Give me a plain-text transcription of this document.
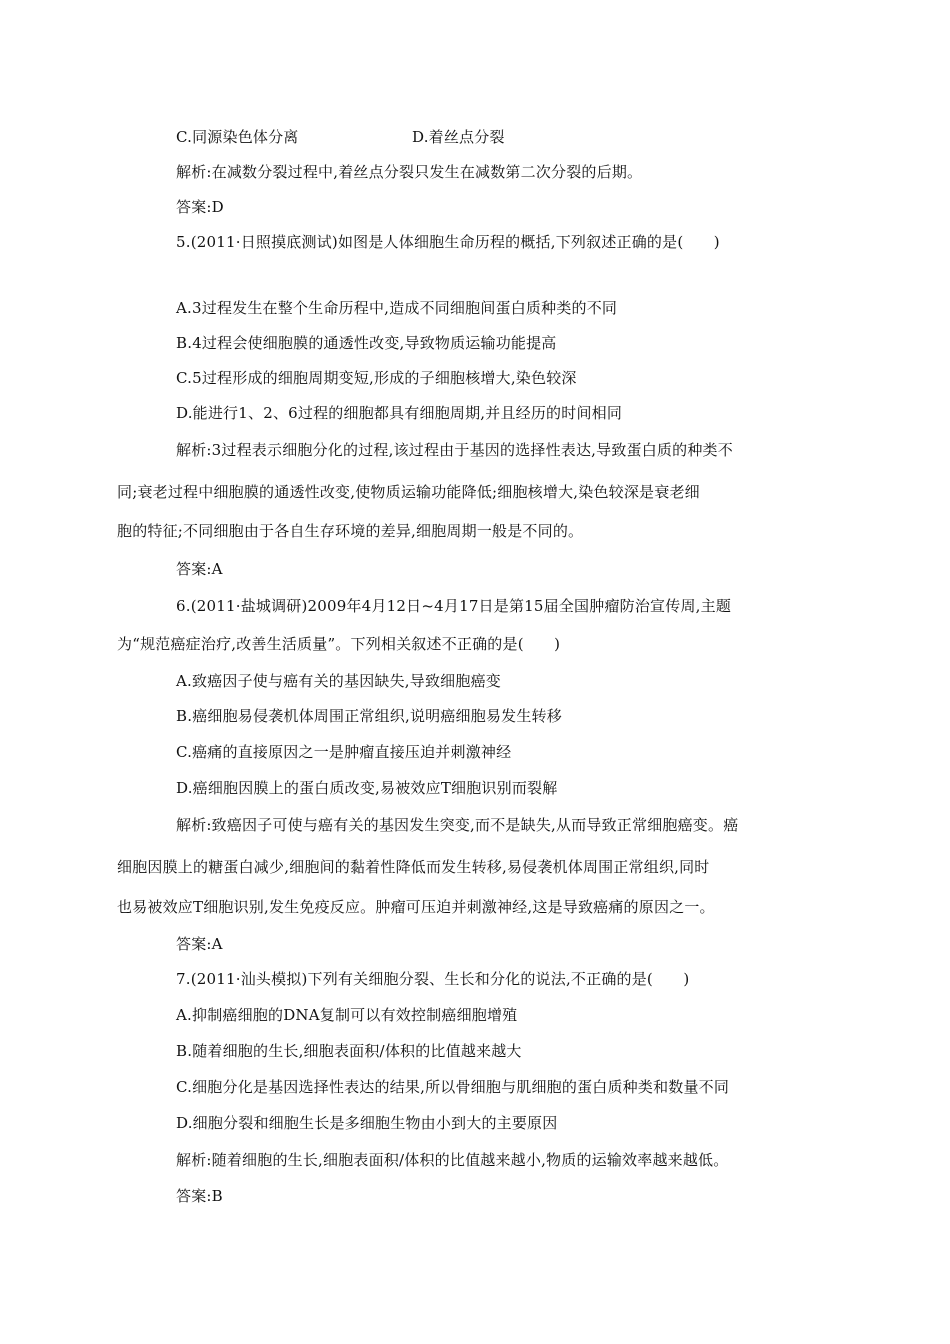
C.同源染色体分离	D.着丝点分裂
解析:在减数分裂过程中,着丝点分裂只发生在减数第二次分裂的后期。
答案:D
5.(2011·日照摸底测试)如图是人体细胞生命历程的概括,下列叙述正确的是(　　)
A.3过程发生在整个生命历程中,造成不同细胞间蛋白质种类的不同
B.4过程会使细胞膜的通透性改变,导致物质运输功能提高
C.5过程形成的细胞周期变短,形成的子细胞核增大,染色较深
D.能进行1、2、6过程的细胞都具有细胞周期,并且经历的时间相同
解析:3过程表示细胞分化的过程,该过程由于基因的选择性表达,导致蛋白质的种类不
同;衰老过程中细胞膜的通透性改变,使物质运输功能降低;细胞核增大,染色较深是衰老细
胞的特征;不同细胞由于各自生存环境的差异,细胞周期一般是不同的。
答案:A
6.(2011·盐城调研)2009年4月12日~4月17日是第15届全国肿瘤防治宣传周,主题
为“规范癌症治疗,改善生活质量”。下列相关叙述不正确的是(　　)
A.致癌因子使与癌有关的基因缺失,导致细胞癌变
B.癌细胞易侵袭机体周围正常组织,说明癌细胞易发生转移
C.癌痛的直接原因之一是肿瘤直接压迫并刺激神经
D.癌细胞因膜上的蛋白质改变,易被效应T细胞识别而裂解
解析:致癌因子可使与癌有关的基因发生突变,而不是缺失,从而导致正常细胞癌变。癌
细胞因膜上的糖蛋白减少,细胞间的黏着性降低而发生转移,易侵袭机体周围正常组织,同时
也易被效应T细胞识别,发生免疫反应。肿瘤可压迫并刺激神经,这是导致癌痛的原因之一。
答案:A
7.(2011·汕头模拟)下列有关细胞分裂、生长和分化的说法,不正确的是(　　)
A.抑制癌细胞的DNA复制可以有效控制癌细胞增殖
B.随着细胞的生长,细胞表面积/体积的比值越来越大
C.细胞分化是基因选择性表达的结果,所以骨细胞与肌细胞的蛋白质种类和数量不同
D.细胞分裂和细胞生长是多细胞生物由小到大的主要原因
解析:随着细胞的生长,细胞表面积/体积的比值越来越小,物质的运输效率越来越低。
答案:B
